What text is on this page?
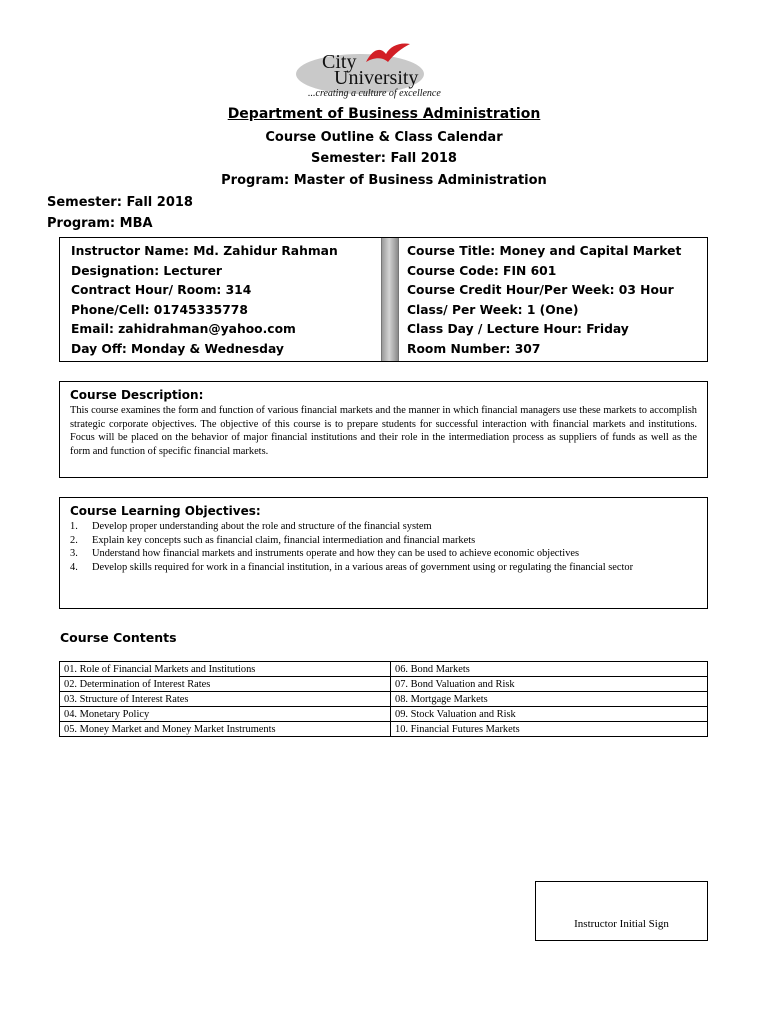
City
University
...creating a culture of excellence
Department of Business Administration
Course Outline & Class Calendar
Semester: Fall 2018
Program: Master of Business Administration
Semester: Fall 2018
Program: MBA
Instructor Name: Md. Zahidur Rahman
Designation: Lecturer
Contract Hour/ Room: 314
Phone/Cell: 01745335778
Email: zahidrahman@yahoo.com
Day Off: Monday & Wednesday
Course Title: Money and Capital Market
Course Code: FIN 601
Course Credit Hour/Per Week: 03 Hour
Class/ Per Week: 1 (One)
Class Day / Lecture Hour: Friday
Room Number: 307
Course Description:
This course examines the form and function of various financial markets and the manner in which financial managers use these markets to accomplish strategic corporate objectives. The objective of this course is to prepare students for successful interaction with financial markets and institutions. Focus will be placed on the behavior of major financial institutions and their role in the intermediation process as suppliers of funds as well as the form and function of specific financial markets.
Course Learning Objectives:
1. Develop proper understanding about the role and structure of the financial system
2. Explain key concepts such as financial claim, financial intermediation and financial markets
3. Understand how financial markets and instruments operate and how they can be used to achieve economic objectives
4. Develop skills required for work in a financial institution, in a various areas of government using or regulating the financial sector
Course Contents
01. Role of Financial Markets and Institutions	06. Bond Markets
02. Determination of Interest Rates	07. Bond Valuation and Risk
03. Structure of Interest Rates	08. Mortgage Markets
04. Monetary Policy	09. Stock Valuation and Risk
05. Money Market and Money Market Instruments	10. Financial Futures Markets
Instructor Initial Sign
